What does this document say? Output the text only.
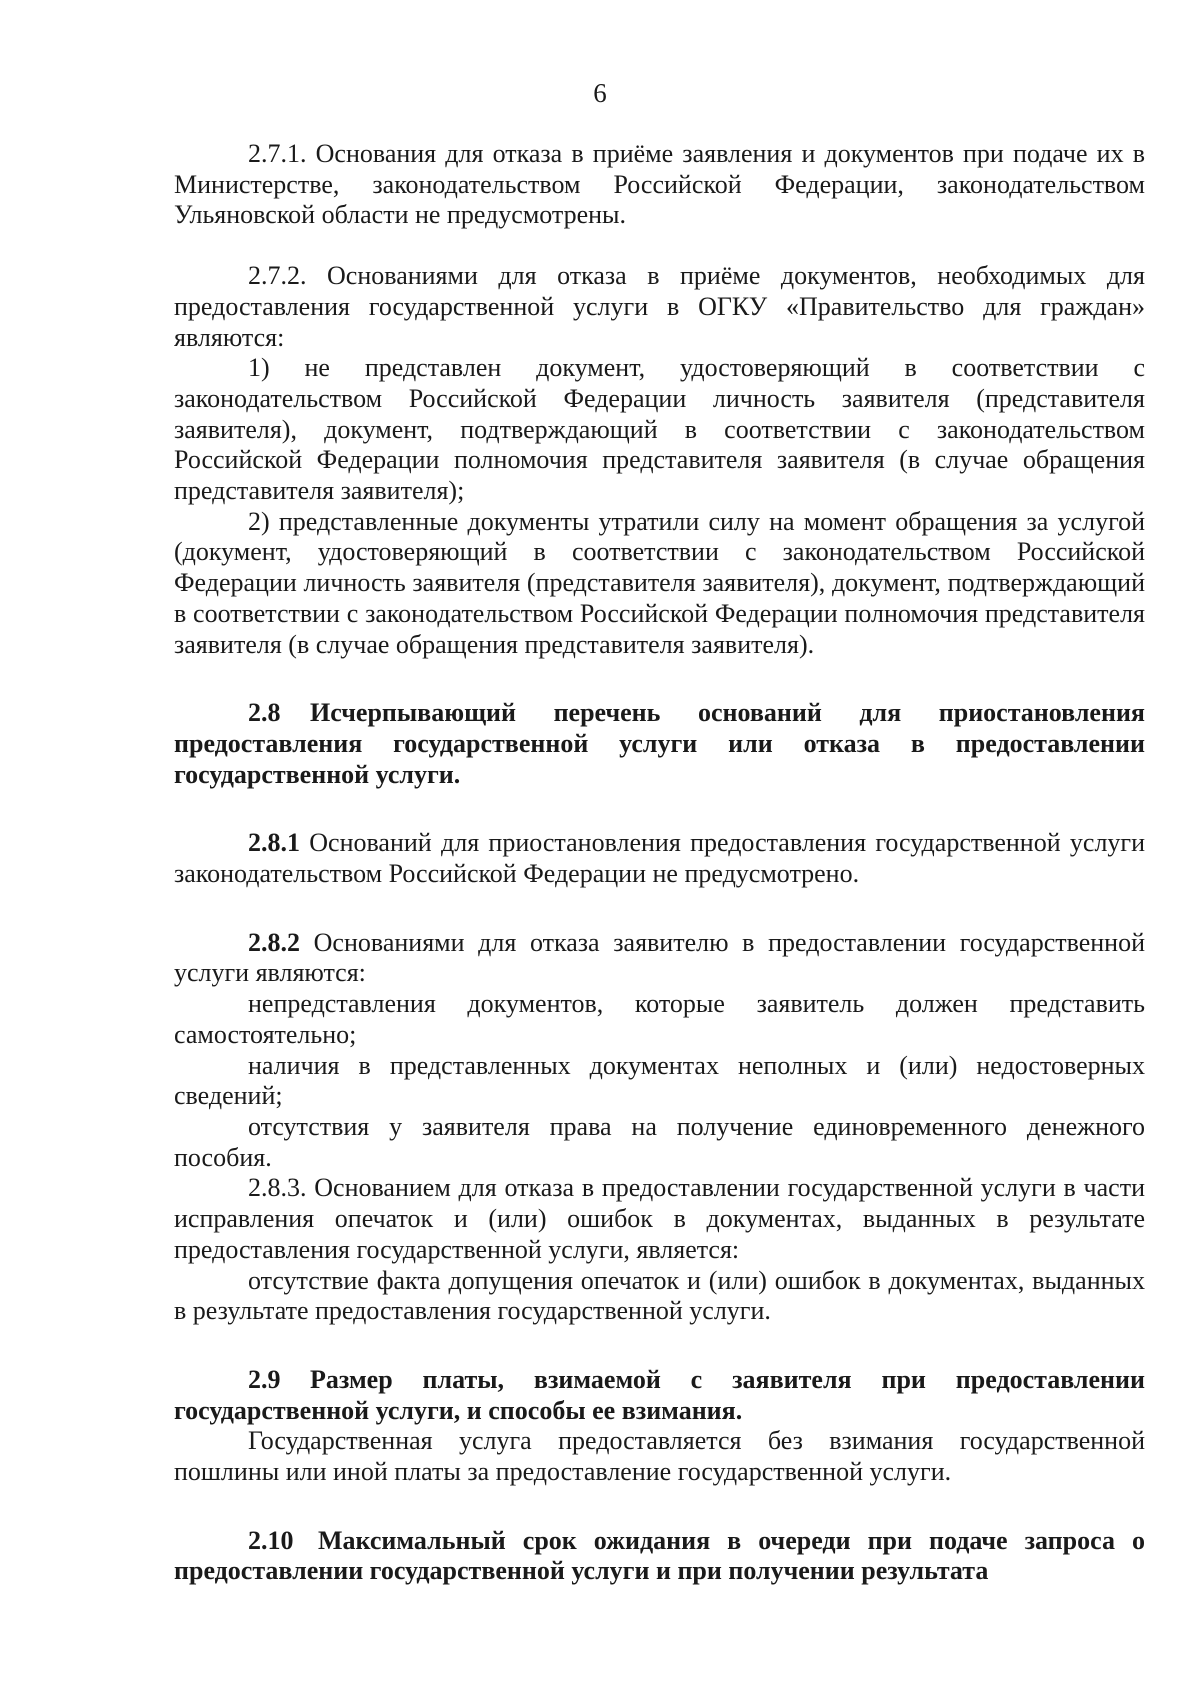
6

2.7.1. Основания для отказа в приёме заявления и документов при подаче их в Министерстве, законодательством Российской Федерации, законодательством Ульяновской области не предусмотрены.

2.7.2. Основаниями для отказа в приёме документов, необходимых для предоставления государственной услуги в ОГКУ «Правительство для граждан» являются:

1) не представлен документ, удостоверяющий в соответствии с законодательством Российской Федерации личность заявителя (представителя заявителя), документ, подтверждающий в соответствии с законодательством Российской Федерации полномочия представителя заявителя (в случае обращения представителя заявителя);

2) представленные документы утратили силу на момент обращения за услугой (документ, удостоверяющий в соответствии с законодательством Российской Федерации личность заявителя (представителя заявителя), документ, подтверждающий в соответствии с законодательством Российской Федерации полномочия представителя заявителя (в случае обращения представителя заявителя).

2.8 Исчерпывающий перечень оснований для приостановления предоставления государственной услуги или отказа в предоставлении государственной услуги.

2.8.1 Оснований для приостановления предоставления государственной услуги законодательством Российской Федерации не предусмотрено.

2.8.2 Основаниями для отказа заявителю в предоставлении государственной услуги являются:

непредставления документов, которые заявитель должен представить самостоятельно;

наличия в представленных документах неполных и (или) недостоверных сведений;

отсутствия у заявителя права на получение единовременного денежного пособия.

2.8.3. Основанием для отказа в предоставлении государственной услуги в части исправления опечаток и (или) ошибок в документах, выданных в результате предоставления государственной услуги, является:

отсутствие факта допущения опечаток и (или) ошибок в документах, выданных в результате предоставления государственной услуги.

2.9 Размер платы, взимаемой с заявителя при предоставлении государственной услуги, и способы ее взимания.

Государственная услуга предоставляется без взимания государственной пошлины или иной платы за предоставление государственной услуги.

2.10 Максимальный срок ожидания в очереди при подаче запроса о предоставлении государственной услуги и при получении результата
